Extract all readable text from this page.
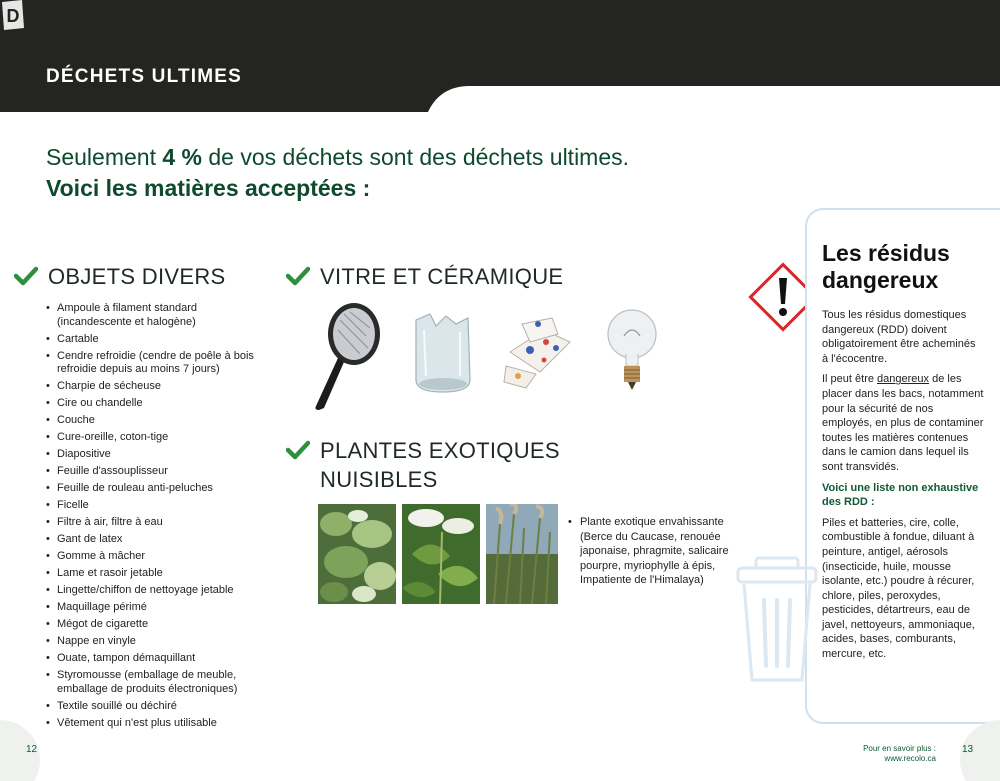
DÉCHETS ULTIMES
D
Seulement 4 % de vos déchets sont des déchets ultimes.
Voici les matières acceptées :
OBJETS DIVERS
• Ampoule à filament standard (incandescente et halogène)
• Cartable
• Cendre refroidie (cendre de poêle à bois refroidie depuis au moins 7 jours)
• Charpie de sécheuse
• Cire ou chandelle
• Couche
• Cure-oreille, coton-tige
• Diapositive
• Feuille d'assouplisseur
• Feuille de rouleau anti-peluches
• Ficelle
• Filtre à air, filtre à eau
• Gant de latex
• Gomme à mâcher
• Lame et rasoir jetable
• Lingette/chiffon de nettoyage jetable
• Maquillage périmé
• Mégot de cigarette
• Nappe en vinyle
• Ouate, tampon démaquillant
• Styromousse (emballage de meuble, emballage de produits électroniques)
• Textile souillé ou déchiré
• Vêtement qui n'est plus utilisable
VITRE ET CÉRAMIQUE
PLANTES EXOTIQUES
NUISIBLES
• Plante exotique envahissante (Berce du Caucase, renouée japonaise, phragmite, salicaire pourpre, myriophylle à épis, Impatiente de l'Himalaya)
Les résidus
dangereux

Tous les résidus domestiques dangereux (RDD) doivent obligatoirement être acheminés à l'écocentre.

Il peut être dangereux de les placer dans les bacs, notamment pour la sécurité de nos employés, en plus de contaminer toutes les matières contenues dans le camion dans lequel ils sont transvidés.

Voici une liste non exhaustive des RDD :

Piles et batteries, cire, colle, combustible à fondue, diluant à peinture, antigel, aérosols (insecticide, huile, mousse isolante, etc.) poudre à récurer, chlore, piles, peroxydes, pesticides, détartreurs, eau de javel, nettoyeurs, ammoniaque, acides, bases, comburants, mercure, etc.

12	13
Pour en savoir plus :
www.recolo.ca
